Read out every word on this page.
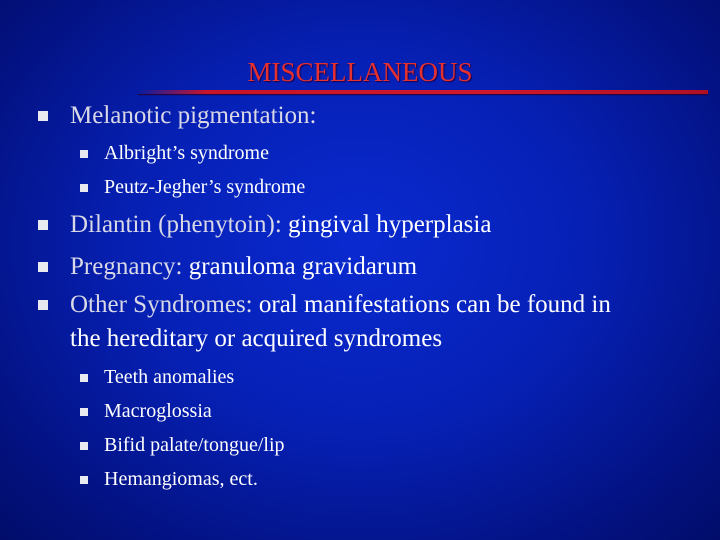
MISCELLANEOUS
Melanotic pigmentation:
Albright’s syndrome
Peutz-Jegher’s syndrome
Dilantin (phenytoin): gingival hyperplasia
Pregnancy: granuloma gravidarum
Other Syndromes: oral manifestations can be found in
the hereditary or acquired syndromes
Teeth anomalies
Macroglossia
Bifid palate/tongue/lip
Hemangiomas, ect.
